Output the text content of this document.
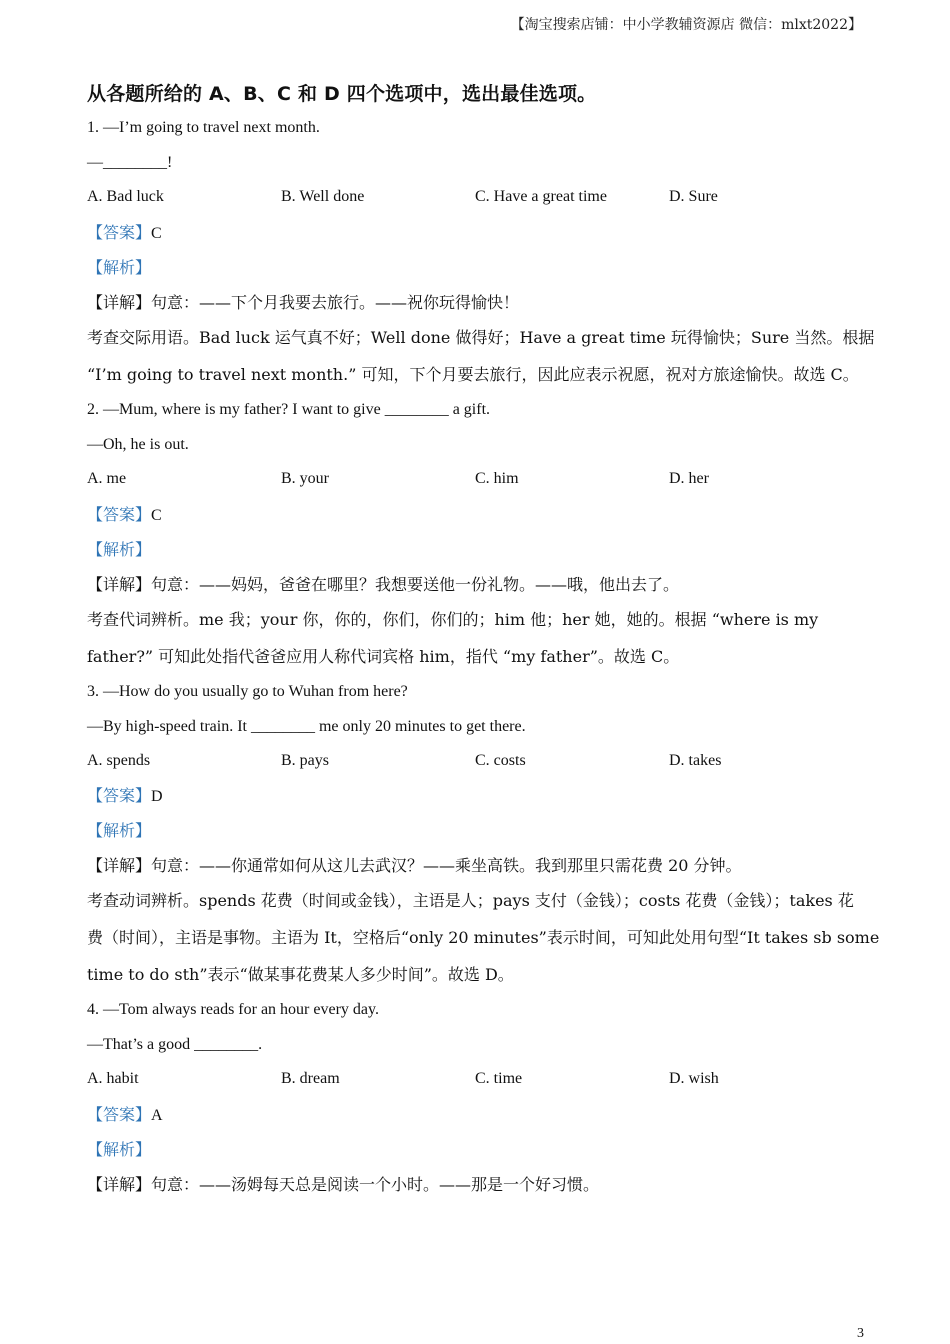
【淘宝搜索店铺：中小学教辅资源店 微信：mlxt2022】
从各题所给的 A、B、C 和 D 四个选项中，选出最佳选项。
1. —I’m going to travel next month.
—________!
A. Bad luck	B. Well done	C. Have a great time	D. Sure
【答案】C
【解析】
【详解】句意：——下个月我要去旅行。——祝你玩得愉快！
考查交际用语。Bad luck 运气真不好；Well done 做得好；Have a great time 玩得愉快；Sure 当然。根据
“I’m going to travel next month.” 可知，下个月要去旅行，因此应表示祝愿，祝对方旅途愉快。故选 C。
2. —Mum, where is my father? I want to give ________ a gift.
—Oh, he is out.
A. me	B. your	C. him	D. her
【答案】C
【解析】
【详解】句意：——妈妈，爸爸在哪里？我想要送他一份礼物。——哦，他出去了。
考查代词辨析。me 我；your 你，你的，你们，你们的；him 他；her 她，她的。根据 “where is my
father?” 可知此处指代爸爸应用人称代词宾格 him，指代 “my father”。故选 C。
3. —How do you usually go to Wuhan from here?
—By high-speed train. It ________ me only 20 minutes to get there.
A. spends	B. pays	C. costs	D. takes
【答案】D
【解析】
【详解】句意：——你通常如何从这儿去武汉？——乘坐高铁。我到那里只需花费 20 分钟。
考查动词辨析。spends 花费（时间或金钱），主语是人；pays 支付（金钱）；costs 花费（金钱）；takes 花
费（时间），主语是事物。主语为 It，空格后“only 20 minutes”表示时间，可知此处用句型“It takes sb some
time to do sth”表示“做某事花费某人多少时间”。故选 D。
4. —Tom always reads for an hour every day.
—That’s a good ________.
A. habit	B. dream	C. time	D. wish
【答案】A
【解析】
【详解】句意：——汤姆每天总是阅读一个小时。——那是一个好习惯。
3
